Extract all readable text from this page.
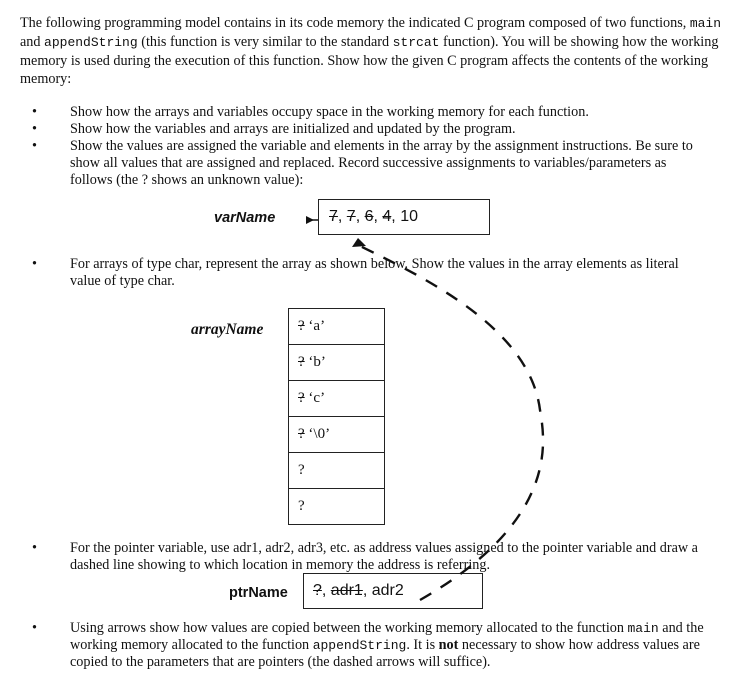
The following programming model contains in its code memory the indicated C program composed of two functions, main and appendString (this function is very similar to the standard strcat function). You will be showing how the working memory is used during the execution of this function. Show how the given C program affects the contents of the working memory:

•	Show how the arrays and variables occupy space in the working memory for each function.

•	Show how the variables and arrays are initialized and updated by the program.

•	Show the values are assigned the variable and elements in the array by the assignment instructions. Be sure to show all values that are assigned and replaced. Record successive assignments to variables/parameters as follows (the ? shows an unknown value):

varName	7, 7, 6, 4, 10
•	For arrays of type char, represent the array as shown below. Show the values in the array elements as literal value of type char.

arrayName	? ‘a’
? ‘b’
? ‘c’
? ‘\0’
?
?
•	For the pointer variable, use adr1, adr2, adr3, etc. as address values assigned to the pointer variable and draw a dashed line showing to which location in memory the address is referring.

ptrName ?, adr1, adr2
•	Using arrows show how values are copied between the working memory allocated to the function main and the working memory allocated to the function appendString. It is not necessary to show how address values are copied to the parameters that are pointers (the dashed arrows will suffice).
